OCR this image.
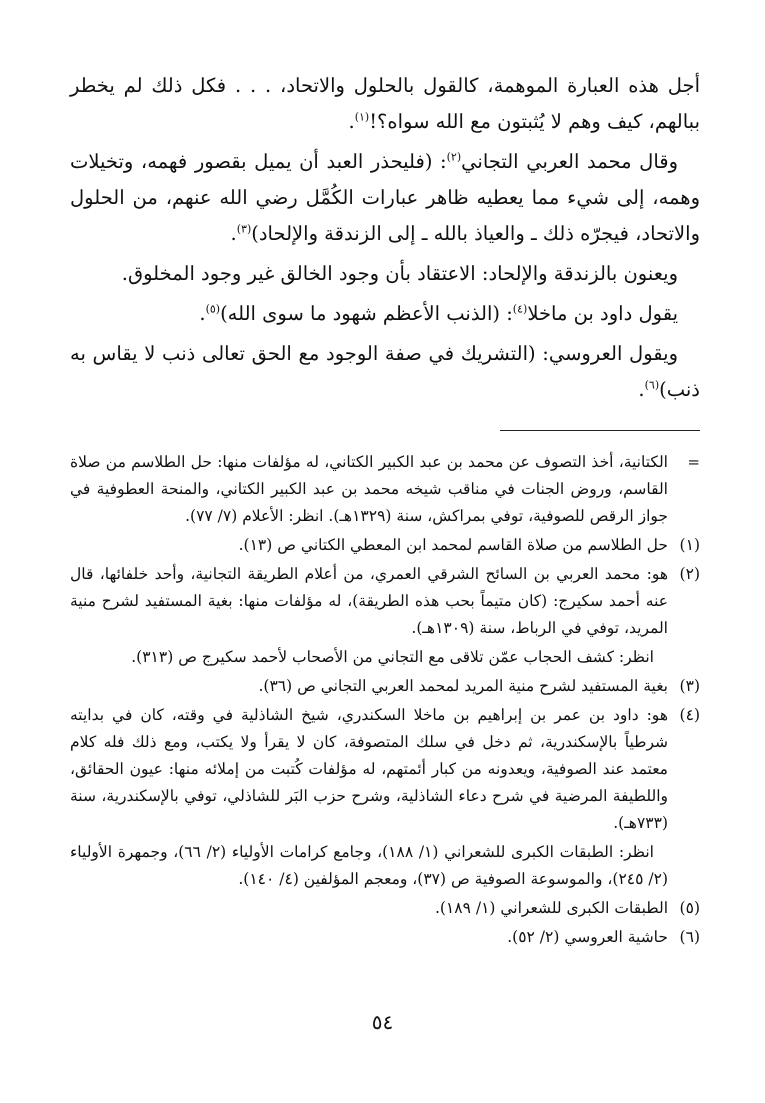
أجل هذه العبارة الموهمة، كالقول بالحلول والاتحاد، . . . فكل ذلك لم يخطر ببالهم، كيف وهم لا يُثبتون مع الله سواه؟!$^{(١)}$.

وقال محمد العربي التجاني$^{(٢)}$: (فليحذر العبد أن يميل بقصور فهمه، وتخيلات وهمه، إلى شيء مما يعطيه ظاهر عبارات الكُمَّل رضي الله عنهم، من الحلول والاتحاد، فيجرّه ذلك ـ والعياذ بالله ـ إلى الزندقة والإلحاد)$^{(٣)}$.

ويعنون بالزندقة والإلحاد: الاعتقاد بأن وجود الخالق غير وجود المخلوق.

يقول داود بن ماخلا$^{(٤)}$: (الذنب الأعظم شهود ما سوى الله)$^{(٥)}$.

ويقول العروسي: (التشريك في صفة الوجود مع الحق تعالى ذنب لا يقاس به ذنب)$^{(٦)}$.

=
الكتانية، أخذ التصوف عن محمد بن عبد الكبير الكتاني، له مؤلفات منها: حل الطلاسم من صلاة القاسم، وروض الجنات في مناقب شيخه محمد بن عبد الكبير الكتاني، والمنحة العطوفية في جواز الرقص للصوفية، توفي بمراكش، سنة (١٣٢٩هـ). انظر: الأعلام (٧/ ٧٧).
(١)
حل الطلاسم من صلاة القاسم لمحمد ابن المعطي الكتاني ص (١٣).
(٢)
هو: محمد العربي بن السائح الشرقي العمري، من أعلام الطريقة التجانية، وأحد خلفائها، قال عنه أحمد سكيرج: (كان متيماً بحب هذه الطريقة)، له مؤلفات منها: بغية المستفيد لشرح منية المريد، توفي في الرباط، سنة (١٣٠٩هـ).
انظر: كشف الحجاب عمّن تلاقى مع التجاني من الأصحاب لأحمد سكيرج ص (٣١٣).
(٣)
بغية المستفيد لشرح منية المريد لمحمد العربي التجاني ص (٣٦).
(٤)
هو: داود بن عمر بن إبراهيم بن ماخلا السكندري، شيخ الشاذلية في وقته، كان في بدايته شرطياً بالإسكندرية، ثم دخل في سلك المتصوفة، كان لا يقرأ ولا يكتب، ومع ذلك فله كلام معتمد عند الصوفية، ويعدونه من كبار أئمتهم، له مؤلفات كُتبت من إملائه منها: عيون الحقائق، واللطيفة المرضية في شرح دعاء الشاذلية، وشرح حزب البَر للشاذلي، توفي بالإسكندرية، سنة (٧٣٣هـ).
انظر: الطبقات الكبرى للشعراني (١/ ١٨٨)، وجامع كرامات الأولياء (٢/ ٦٦)، وجمهرة الأولياء (٢/ ٢٤٥)، والموسوعة الصوفية ص (٣٧)، ومعجم المؤلفين (٤/ ١٤٠).
(٥)
الطبقات الكبرى للشعراني (١/ ١٨٩).
(٦)
حاشية العروسي (٢/ ٥٢).
٥٤
